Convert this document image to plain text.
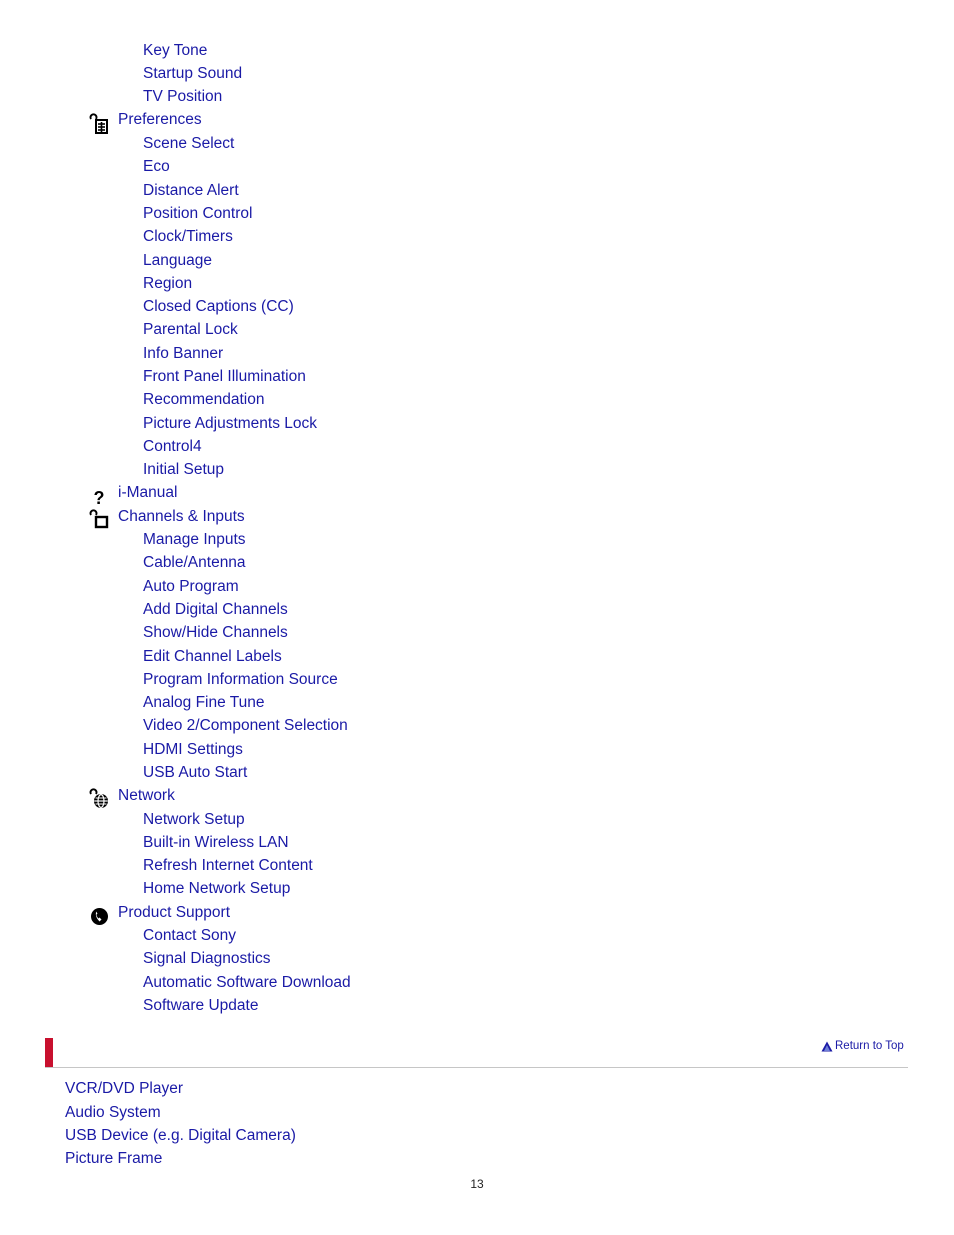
Key Tone
Startup Sound
TV Position
Preferences
Scene Select
Eco
Distance Alert
Position Control
Clock/Timers
Language
Region
Closed Captions (CC)
Parental Lock
Info Banner
Front Panel Illumination
Recommendation
Picture Adjustments Lock
Control4
Initial Setup
? i-Manual
Channels & Inputs
Manage Inputs
Cable/Antenna
Auto Program
Add Digital Channels
Show/Hide Channels
Edit Channel Labels
Program Information Source
Analog Fine Tune
Video 2/Component Selection
HDMI Settings
USB Auto Start
Network
Network Setup
Built-in Wireless LAN
Refresh Internet Content
Home Network Setup
Product Support
Contact Sony
Signal Diagnostics
Automatic Software Download
Software Update
Return to Top
VCR/DVD Player
Audio System
USB Device (e.g. Digital Camera)
Picture Frame
13
